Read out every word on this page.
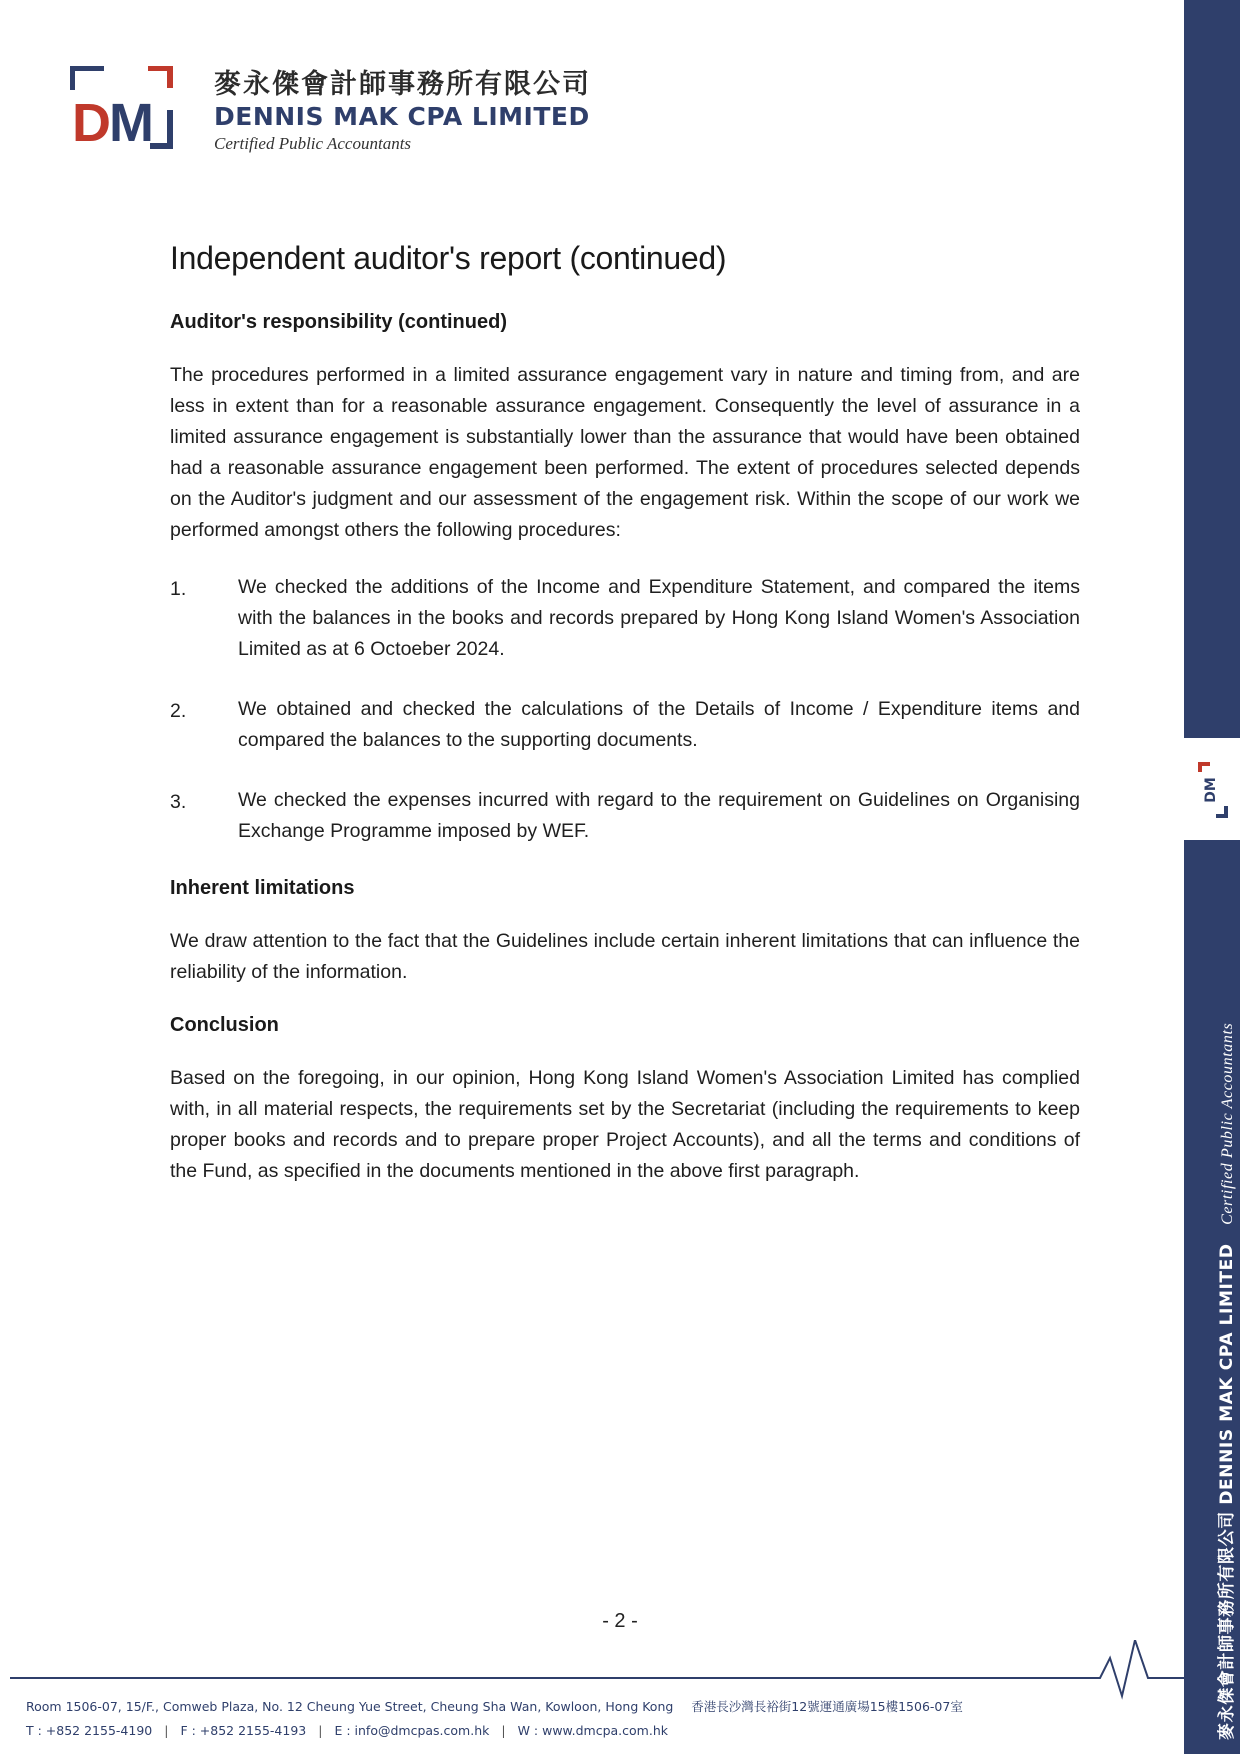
DM
麥永傑會計師事務所有限公司
DENNIS MAK CPA LIMITED
Certified Public Accountants
Independent auditor's report (continued)
Auditor's responsibility (continued)

The procedures performed in a limited assurance engagement vary in nature and timing from, and are less in extent than for a reasonable assurance engagement. Consequently the level of assurance in a limited assurance engagement is substantially lower than the assurance that would have been obtained had a reasonable assurance engagement been performed. The extent of procedures selected depends on the Auditor's judgment and our assessment of the engagement risk. Within the scope of our work we performed amongst others the following procedures:

1.	We checked the additions of the Income and Expenditure Statement, and compared the items with the balances in the books and records prepared by Hong Kong Island Women's Association Limited as at 6 Octoeber 2024.
2.	We obtained and checked the calculations of the Details of Income / Expenditure items and compared the balances to the supporting documents.
3.	We checked the expenses incurred with regard to the requirement on Guidelines on Organising Exchange Programme imposed by WEF.
Inherent limitations

We draw attention to the fact that the Guidelines include certain inherent limitations that can influence the reliability of the information.

Conclusion

Based on the foregoing, in our opinion, Hong Kong Island Women's Association Limited has complied with, in all material respects, the requirements set by the Secretariat (including the requirements to keep proper books and records and to prepare proper Project Accounts), and all the terms and conditions of the Fund, as specified in the documents mentioned in the above first paragraph.

- 2 -
Room 1506-07, 15/F., Comweb Plaza, No. 12 Cheung Yue Street, Cheung Sha Wan, Kowloon, Hong Kong 香港長沙灣長裕街12號運通廣場15樓1506-07室
T : +852 2155-4190 | F : +852 2155-4193 | E : info@dmcpas.com.hk | W : www.dmcpa.com.hk
DM
麥永傑會計師事務所有限公司 DENNIS MAK CPA LIMITED Certified Public Accountants
